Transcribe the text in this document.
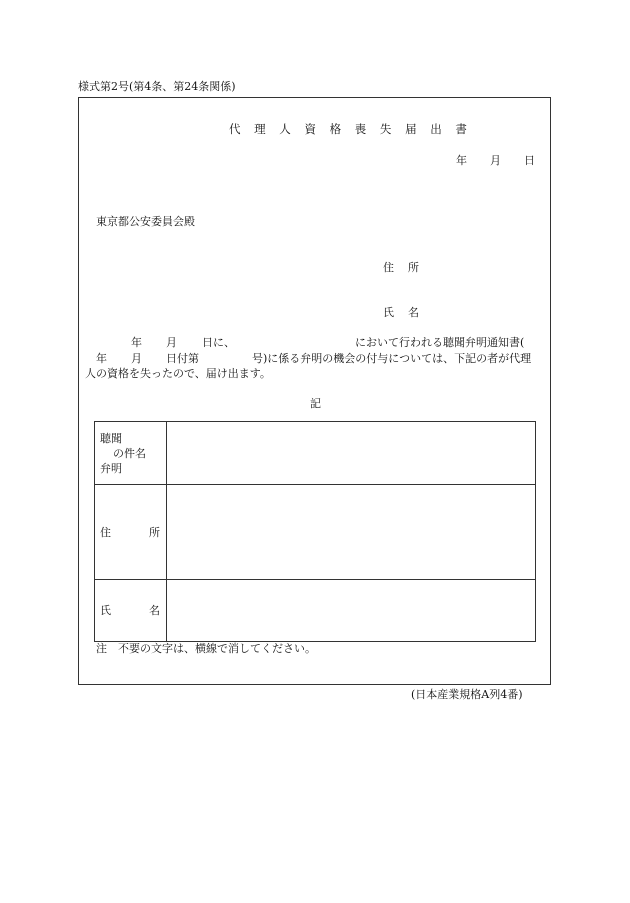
様式第2号(第4条、第24条関係)
代 理 人 資 格 喪 失 届 出 書
年 月 日
東京都公安委員会殿
住 所
氏 名
年 月 日に、	において行われる聴聞弁明通知書(
年 月 日付第	号)に係る弁明の機会の付与については、下記の者が代理
人の資格を失ったので、届け出ます。
記
聴聞
の件名
弁明	

住 所	

氏 名	

注　不要の文字は、横線で消してください。
(日本産業規格A列4番)
